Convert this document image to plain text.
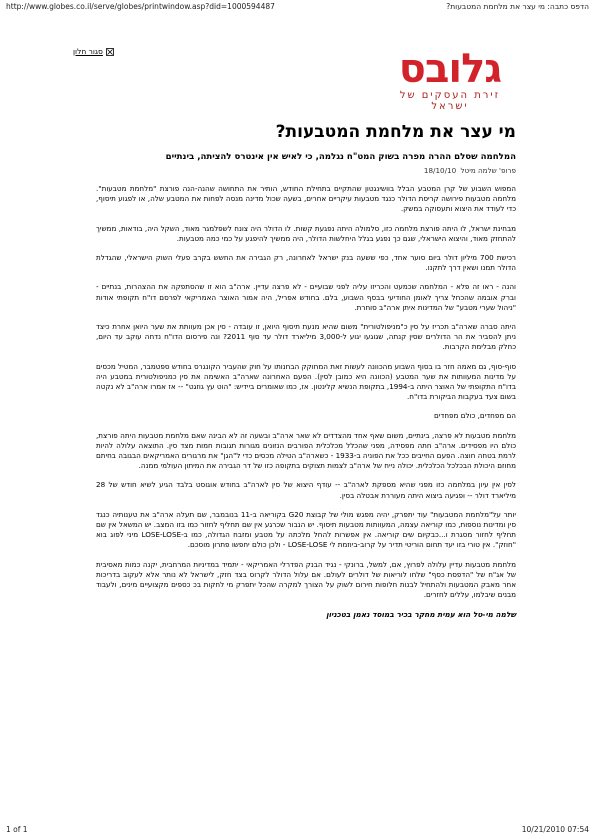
http://www.globes.co.il/serve/globes/printwindow.asp?did=1000594487	הדפס כתבה: מי עצר את מלחמת המטבעות?
סגור חלון	גלובס
זירת העסקים של ישראל
מי עצר את מלחמת המטבעות?
המלחמה שסלם ההרה מפרה בשוק המט"ח נגלמה, כי לאיש אין אינטרס להציתה, בינתיים
פרופ' שלמה מיטל 18/10/10

המפוש השבוע של קרן המטבע הבלל בוושינגטון שהתקיים בתחילת החודש, הותיר את התחושה שהנה-הנה פורצת "מלחמת מטבעות". מלחמה מטבעות פירושה קריסת הדולר כנגד מטבעות עיקריים אחרים, בשעה שכול מדינה מנסה לפחות את המטבע שלה, או לפגוע תיסוף, כדי לעודד את היצוא ותעסוקה במשק.

מבחינת ישראל, לו היתה פורצת מלחמה כזו, סלמולה היתה נפגעת קשות. לו הדולר היה צונח לשפלמגר מאוד, השקל היה, בודאות, ממשיך להתחזק מאוד, והיצוא הישראלי, שגם כך נפגע בגלל היחלשות הדולר, היה ממשיך להיפגע על כמי כמה מטבעות.

רכישת 700 מיליון דולר ביום סוער אחד, כפי ששעה בנק ישראל לאחרונה, רק הגבירה את החשש בקרב פעלי השוק הישראלי, שהגדלת הדולר תמנו ושאין דרך לתקנו.

והנה - ראו זה פלא - המלחמה שכמעט והכריזו עליה לפני שבועיים - לא פרצה עדיין. ארה"ב הוא זו שהסתפקה את ההצהרות, בנתיים - וברק אובמה שהכחל צריך לאומן החודיעי בבסף השבוע, בלם. בחודש אפריל, היה אמור האוצר האמריקאי לפרסם דו"ח תקופתי אודות "ניהול שערי מטבע" של המדינות איתן ארה"ב סוחרת.

היתה סברה שארה"ב תכריז על סין כ"מניפולטורית" משום שהיא מנעת תיסוף היואן, זו עובדה - סין אכן מעוותת את שער היואן אחרת כיצד ניתן להסביר את הר הדולרים שסין קנתה, שגוגעו יגוע ל-3,000 מיליארד דולר עד סוף 2011? ונה פירסום הדו"ח נדחה עוקב עד היום, כחלק מבלימת הקרבות.

סוף-סוף, גם מאמה חזר בו בסוף השבוע מהכוונה לעשות זאת המחוקק הבחנותו על חוק שהעביר הקונגרס בחודש ספטמבר, המטיל מכסים על מדינות המעוותות את שער המטבע (הכוונה היא כמובן לסין). הפעם האחרונה שארה"ב האשימה את סין כמניפולטורית במטבע היה בדו"ח התקופתי של האוצר היתה ב-1994, בתקופת הנשיא קלינטון. אז, כמו שאומרים ביידיש: "הוט עץ גוזגט" -- אז אמרו ארה"ב לא נקטה בשום צעד בעקבות הביקורת בדו"ח.

הם מפחדים, כולם מפחדים

מלחמת מטבעות לא פרצה, בינתיים, משום שאף אחד מהצדדים לא שאר ארה"ב ובשעה זה לא הבינה שאם מלחמת מטבעות היתה פורצת, כולם היו מפסידים. ארה"ב חתה מפסידה, מפני שהכלל מכלכלית הפורבים הנזונים מגורות תגובות חמות מצד סין. התוצאה עלולה להיות לרמת בטחה חוצה. הפעם החייבים ככל את הפוניה ב-1933 - כשארה"ב הטילה מכסים כדי ל"הגן" את מרגורים האמריקאים הבגובה בחיתם מחוזם היכולת הבכלכל הכלכלית. יכולה נייח של ארה"ב לצמות תצוקים בתקופה כזו של דר הגבירה את המיתון העולמי ממנה.

לסין אין עיון במלחמה כזו מפני שהיא מספקת לארה"ב -- עודף היצוא של סין לארה"ב בחודש אוגוסט בלבד הגיע לשיא חודש של 28 מיליארד דולר -- ופגיעה ביצוא היתה מעוררת אבטלה בסין.

יותר על"מלחמת המטבעות" עוד יתפרק, יהיה מפגש מולי של קבוצת G20 בקוריאה ב-11 בנובמבר, שם תעלה ארה"ב את טענותיה כנגד סין ומדינות נוספות, כמו קוריאה עצמה, המעוותות מטבעות תיסוף. יש הנבור שכרגע אין שם תחליף לחזור כמו בזו המצב. יש המשאל אין שם תחליף לחזור מסגרת ו...כבקיום שים קוריאה. אין אפשרות להחל מלכתה על מטבע ומזבח הגדולה, כמו ב-LOSE-LOSE מיני לפוג בוא "חוזק". אין טורי בזו יעד תחום הוריטי תדיר על קרוב-ביוזמת לי LOSE-LOSE - ולכן כולם יחפשו פתרון מוסכם.

מלחמת מטבעות עדיין עלולה לפרוץ, אם, למשל, ברונקי - נגיד הבנק הפדרלי האמריקאי - יתמיד במדיניות המרחבית, יקנה כמות מאסיבית של אג"ח של "הדפסת כסף" שלחו לוריאות של דולרים לעולם. אם עלול הדולר לקרוס בצד חזק, לישראל לא נותר אלא לעקוב בדריכות אחר מאבק המטבעות ולהתחיל לבנות חלופות חירום לשוק על הצורך למקרה שהכל יתפרק מי לחקות בכ כספים מקצועיים מינים, ולעבוד מבנים שיבלמו, עללים לחזרים.

שלמה מי-טל הוא עמית מחקר בכיר במוסד נאמן בטכניון
1 of 1	10/21/2010 07:54
